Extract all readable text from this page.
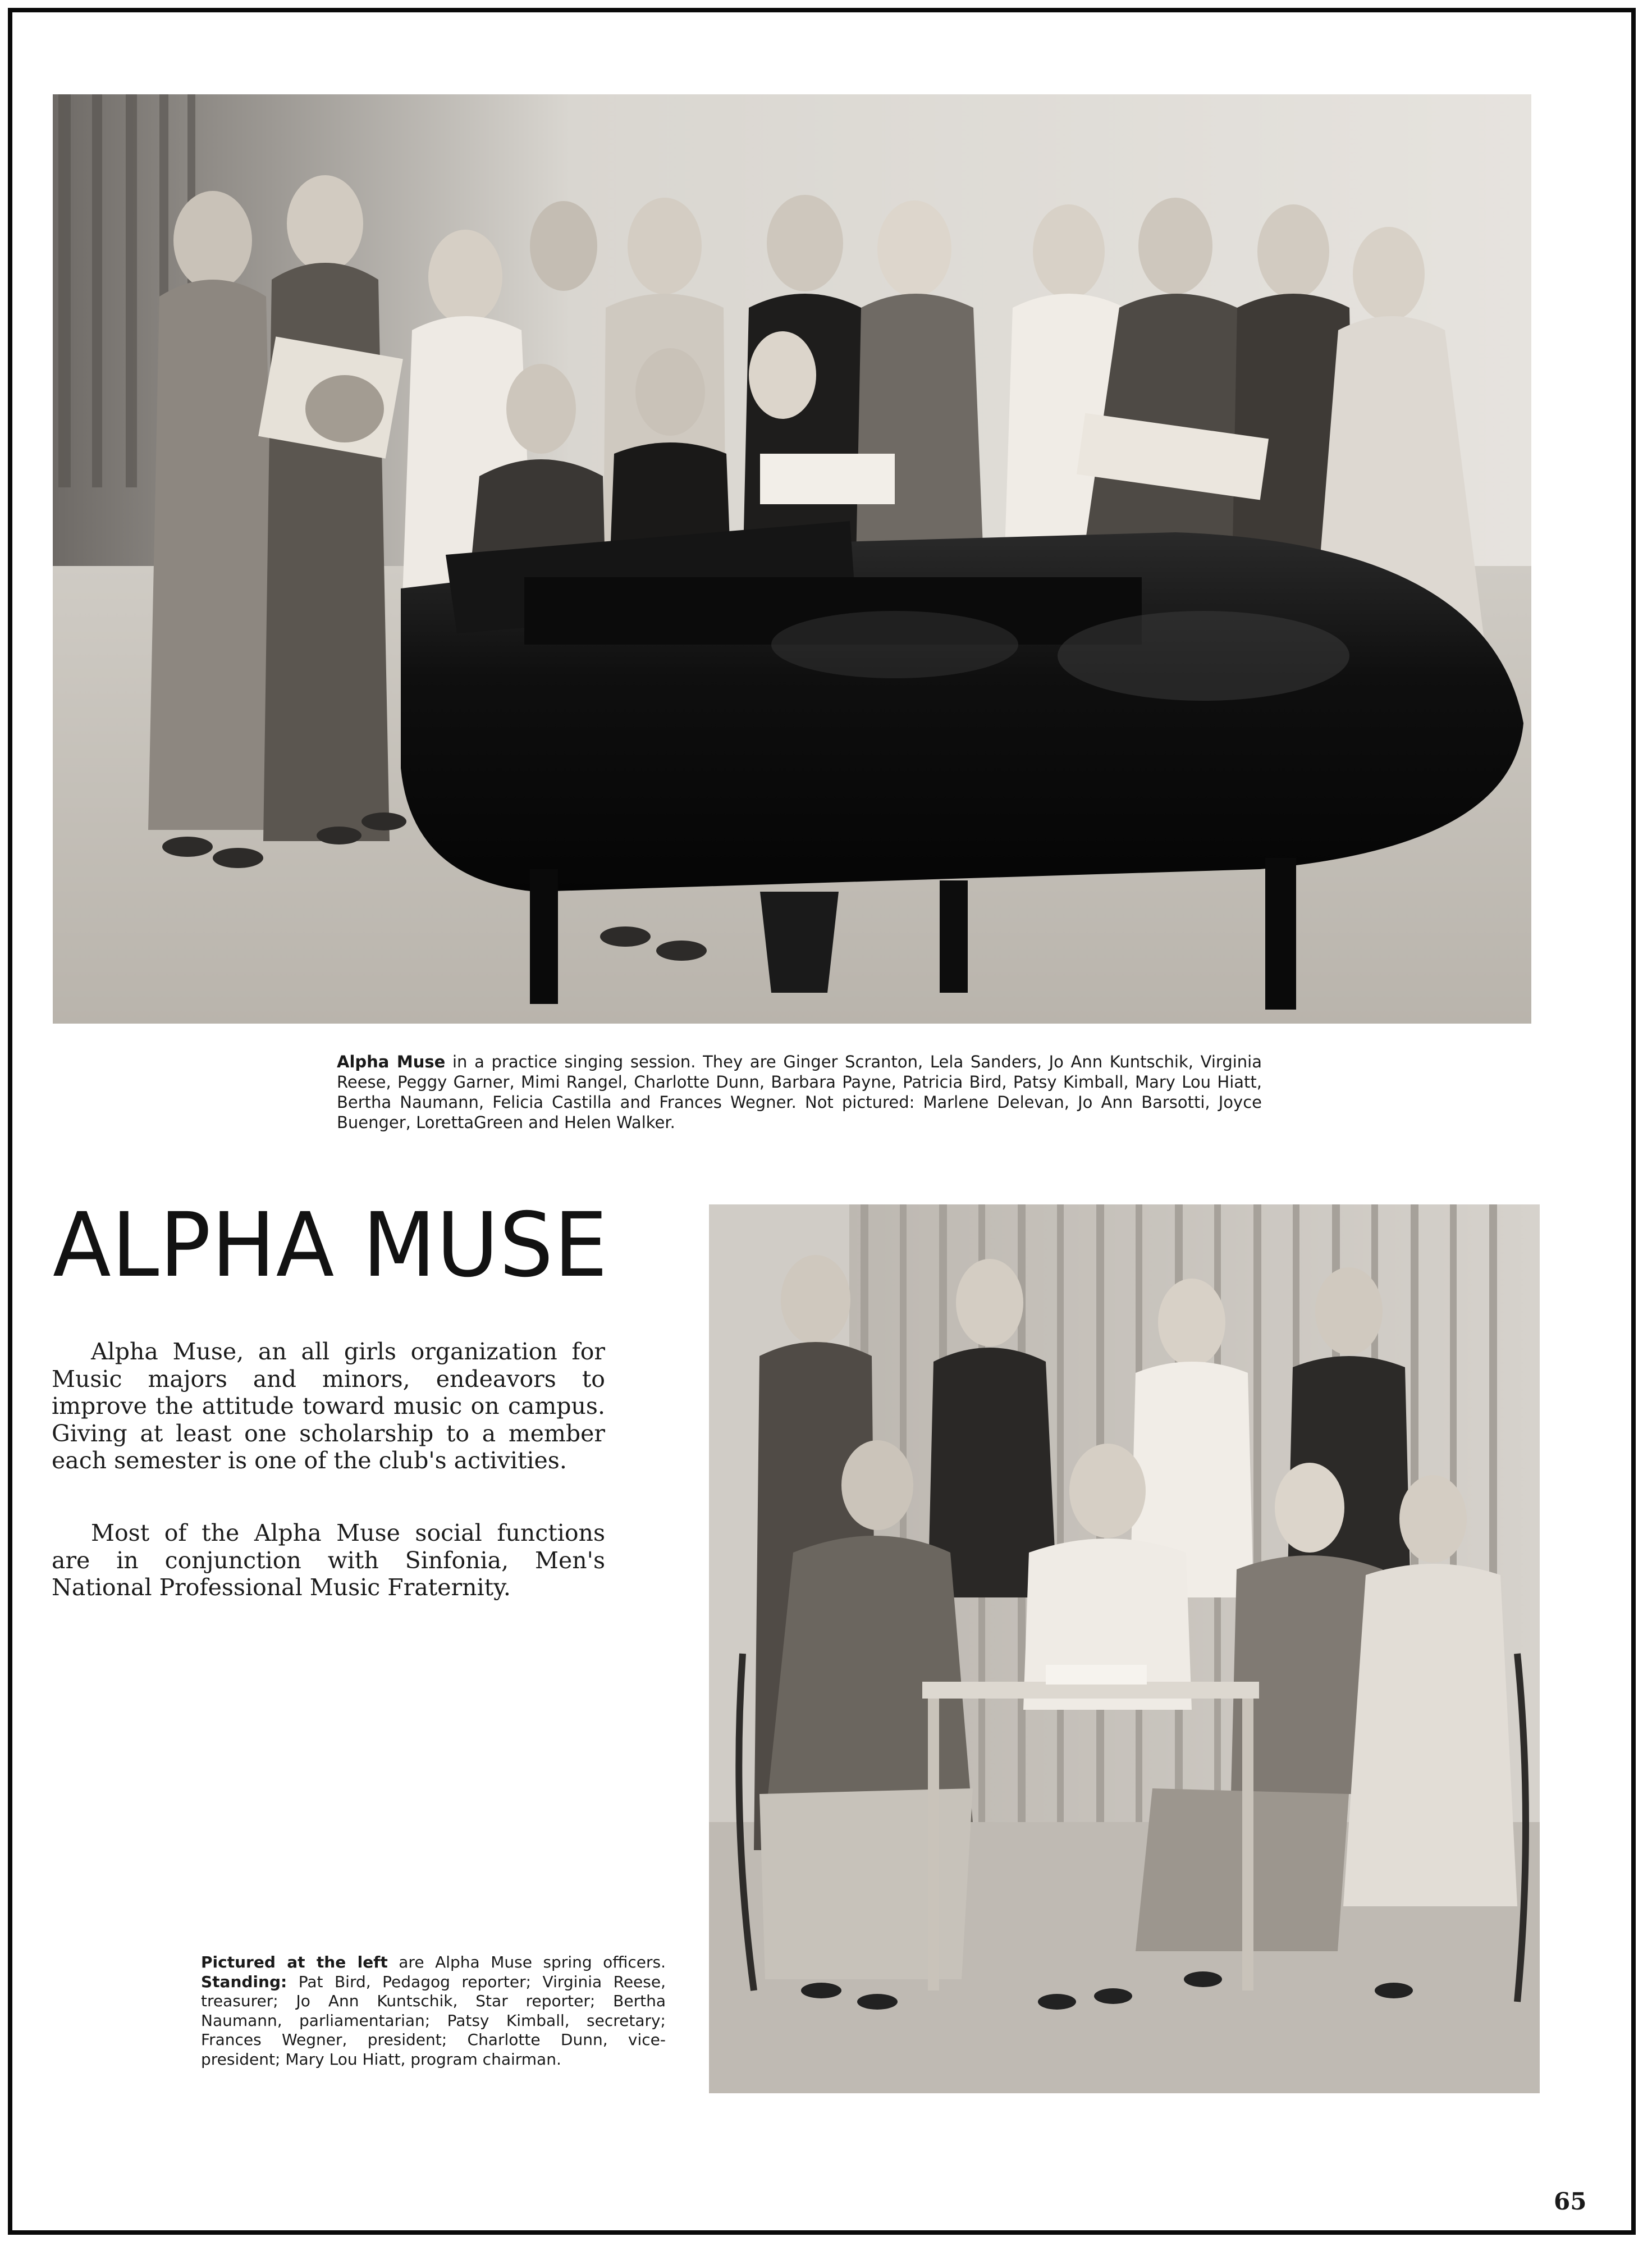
Alpha Muse in a practice singing session. They are Ginger Scranton, Lela Sanders, Jo Ann Kuntschik, Virginia Reese, Peggy Garner, Mimi Rangel, Charlotte Dunn, Barbara Payne, Patricia Bird, Patsy Kimball, Mary Lou Hiatt, Bertha Naumann, Felicia Castilla and Frances Wegner. Not pictured: Marlene Delevan, Jo Ann Barsotti, Joyce Buenger, LorettaGreen and Helen Walker.

ALPHA MUSE

Alpha Muse, an all girls organization for Music majors and minors, endeavors to improve the attitude toward music on campus. Giving at least one scholarship to a member each semester is one of the club's activities.

Most of the Alpha Muse social functions are in conjunction with Sinfonia, Men's National Professional Music Fraternity.

Pictured at the left are Alpha Muse spring officers. Standing: Pat Bird, Pedagog reporter; Virginia Reese, treasurer; Jo Ann Kuntschik, Star reporter; Bertha Naumann, parliamentarian; Patsy Kimball, secretary; Frances Wegner, president; Charlotte Dunn, vice-president; Mary Lou Hiatt, program chairman.

65
